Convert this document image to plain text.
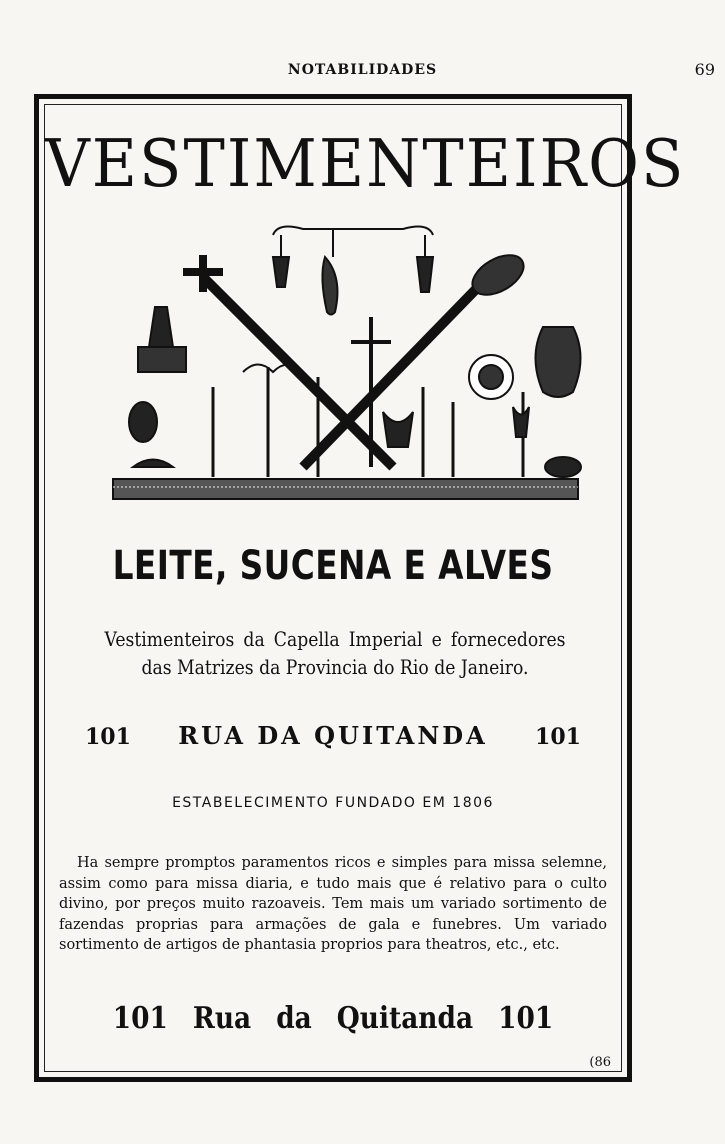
NOTABILIDADES	69
VESTIMENTEIROS
LEITE, SUCENA E ALVES
Vestimenteiros da Capella Imperial e fornecedores das Matrizes da Provincia do Rio de Janeiro.
101 RUA DA QUITANDA 101
ESTABELECIMENTO FUNDADO EM 1806
Ha sempre promptos paramentos ricos e simples para missa selemne, assim como para missa diaria, e tudo mais que é relativo para o culto divino, por preços muito razoaveis. Tem mais um variado sortimento de fazendas proprias para armações de gala e funebres. Um variado sortimento de artigos de phantasia proprios para theatros, etc., etc.
101 Rua da Quitanda 101
(86
